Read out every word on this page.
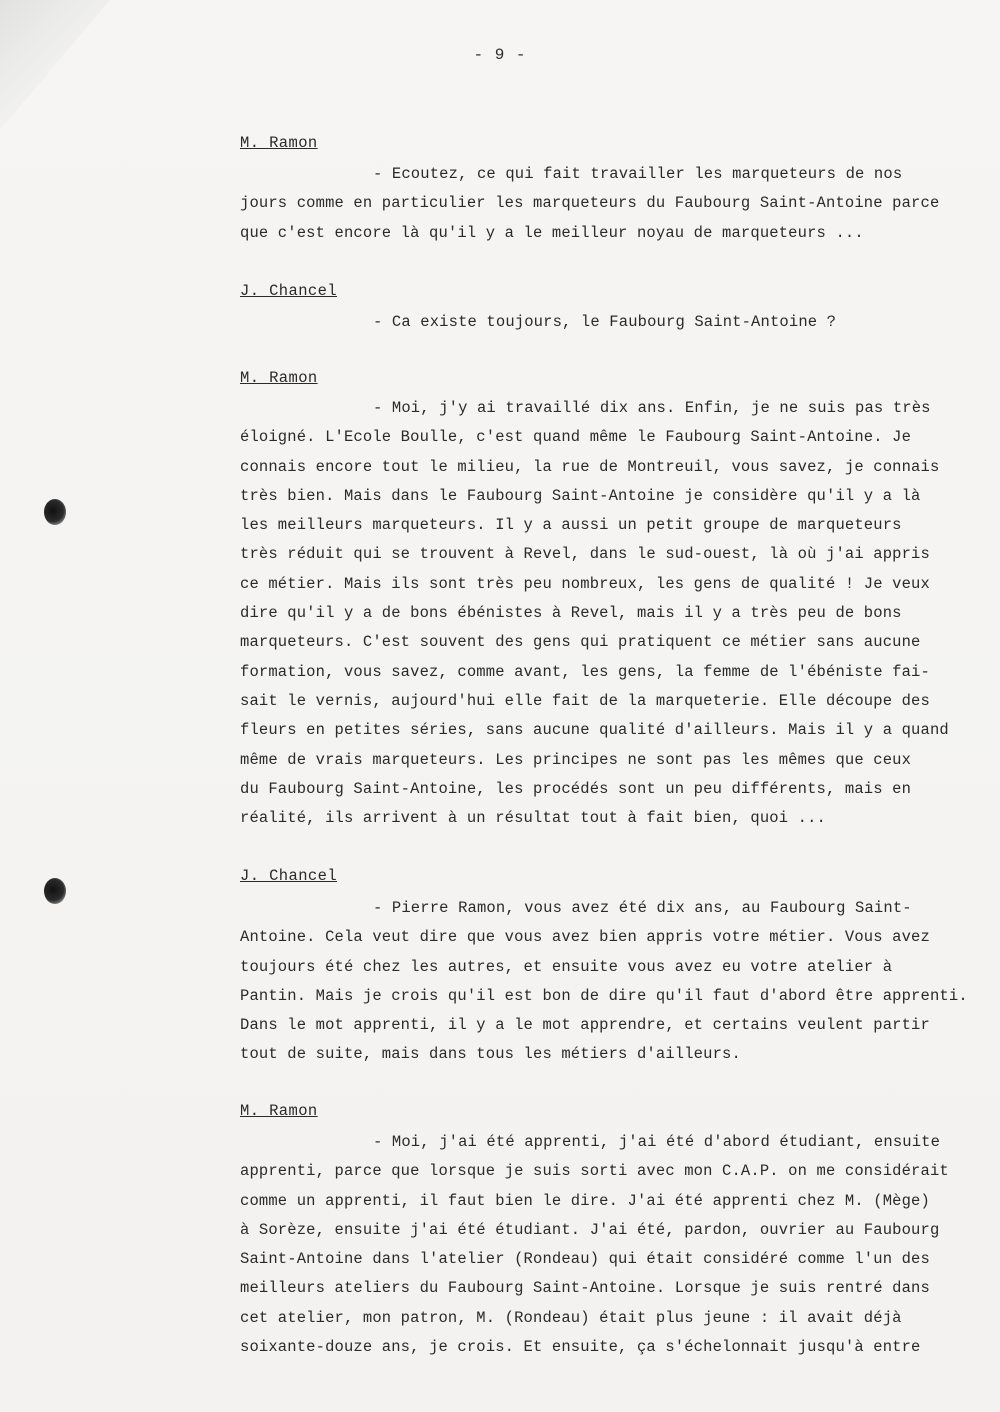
- 9 -
M. Ramon
- Ecoutez, ce qui fait travailler les marqueteurs de nos
jours comme en particulier les marqueteurs du Faubourg Saint-Antoine parce
que c'est encore là qu'il y a le meilleur noyau de marqueteurs ...
J. Chancel
- Ca existe toujours, le Faubourg Saint-Antoine ?
M. Ramon
- Moi, j'y ai travaillé dix ans. Enfin, je ne suis pas très
éloigné. L'Ecole Boulle, c'est quand même le Faubourg Saint-Antoine. Je
connais encore tout le milieu, la rue de Montreuil, vous savez, je connais
très bien. Mais dans le Faubourg Saint-Antoine je considère qu'il y a là
les meilleurs marqueteurs. Il y a aussi un petit groupe de marqueteurs
très réduit qui se trouvent à Revel, dans le sud-ouest, là où j'ai appris
ce métier. Mais ils sont très peu nombreux, les gens de qualité ! Je veux
dire qu'il y a de bons ébénistes à Revel, mais il y a très peu de bons
marqueteurs. C'est souvent des gens qui pratiquent ce métier sans aucune
formation, vous savez, comme avant, les gens, la femme de l'ébéniste fai-
sait le vernis, aujourd'hui elle fait de la marqueterie. Elle découpe des
fleurs en petites séries, sans aucune qualité d'ailleurs. Mais il y a quand
même de vrais marqueteurs. Les principes ne sont pas les mêmes que ceux
du Faubourg Saint-Antoine, les procédés sont un peu différents, mais en
réalité, ils arrivent à un résultat tout à fait bien, quoi ...
J. Chancel
- Pierre Ramon, vous avez été dix ans, au Faubourg Saint-
Antoine. Cela veut dire que vous avez bien appris votre métier. Vous avez
toujours été chez les autres, et ensuite vous avez eu votre atelier à
Pantin. Mais je crois qu'il est bon de dire qu'il faut d'abord être apprenti.
Dans le mot apprenti, il y a le mot apprendre, et certains veulent partir
tout de suite, mais dans tous les métiers d'ailleurs.
M. Ramon
- Moi, j'ai été apprenti, j'ai été d'abord étudiant, ensuite
apprenti, parce que lorsque je suis sorti avec mon C.A.P. on me considérait
comme un apprenti, il faut bien le dire. J'ai été apprenti chez M. (Mège)
à Sorèze, ensuite j'ai été étudiant. J'ai été, pardon, ouvrier au Faubourg
Saint-Antoine dans l'atelier (Rondeau) qui était considéré comme l'un des
meilleurs ateliers du Faubourg Saint-Antoine. Lorsque je suis rentré dans
cet atelier, mon patron, M. (Rondeau) était plus jeune : il avait déjà
soixante-douze ans, je crois. Et ensuite, ça s'échelonnait jusqu'à entre
